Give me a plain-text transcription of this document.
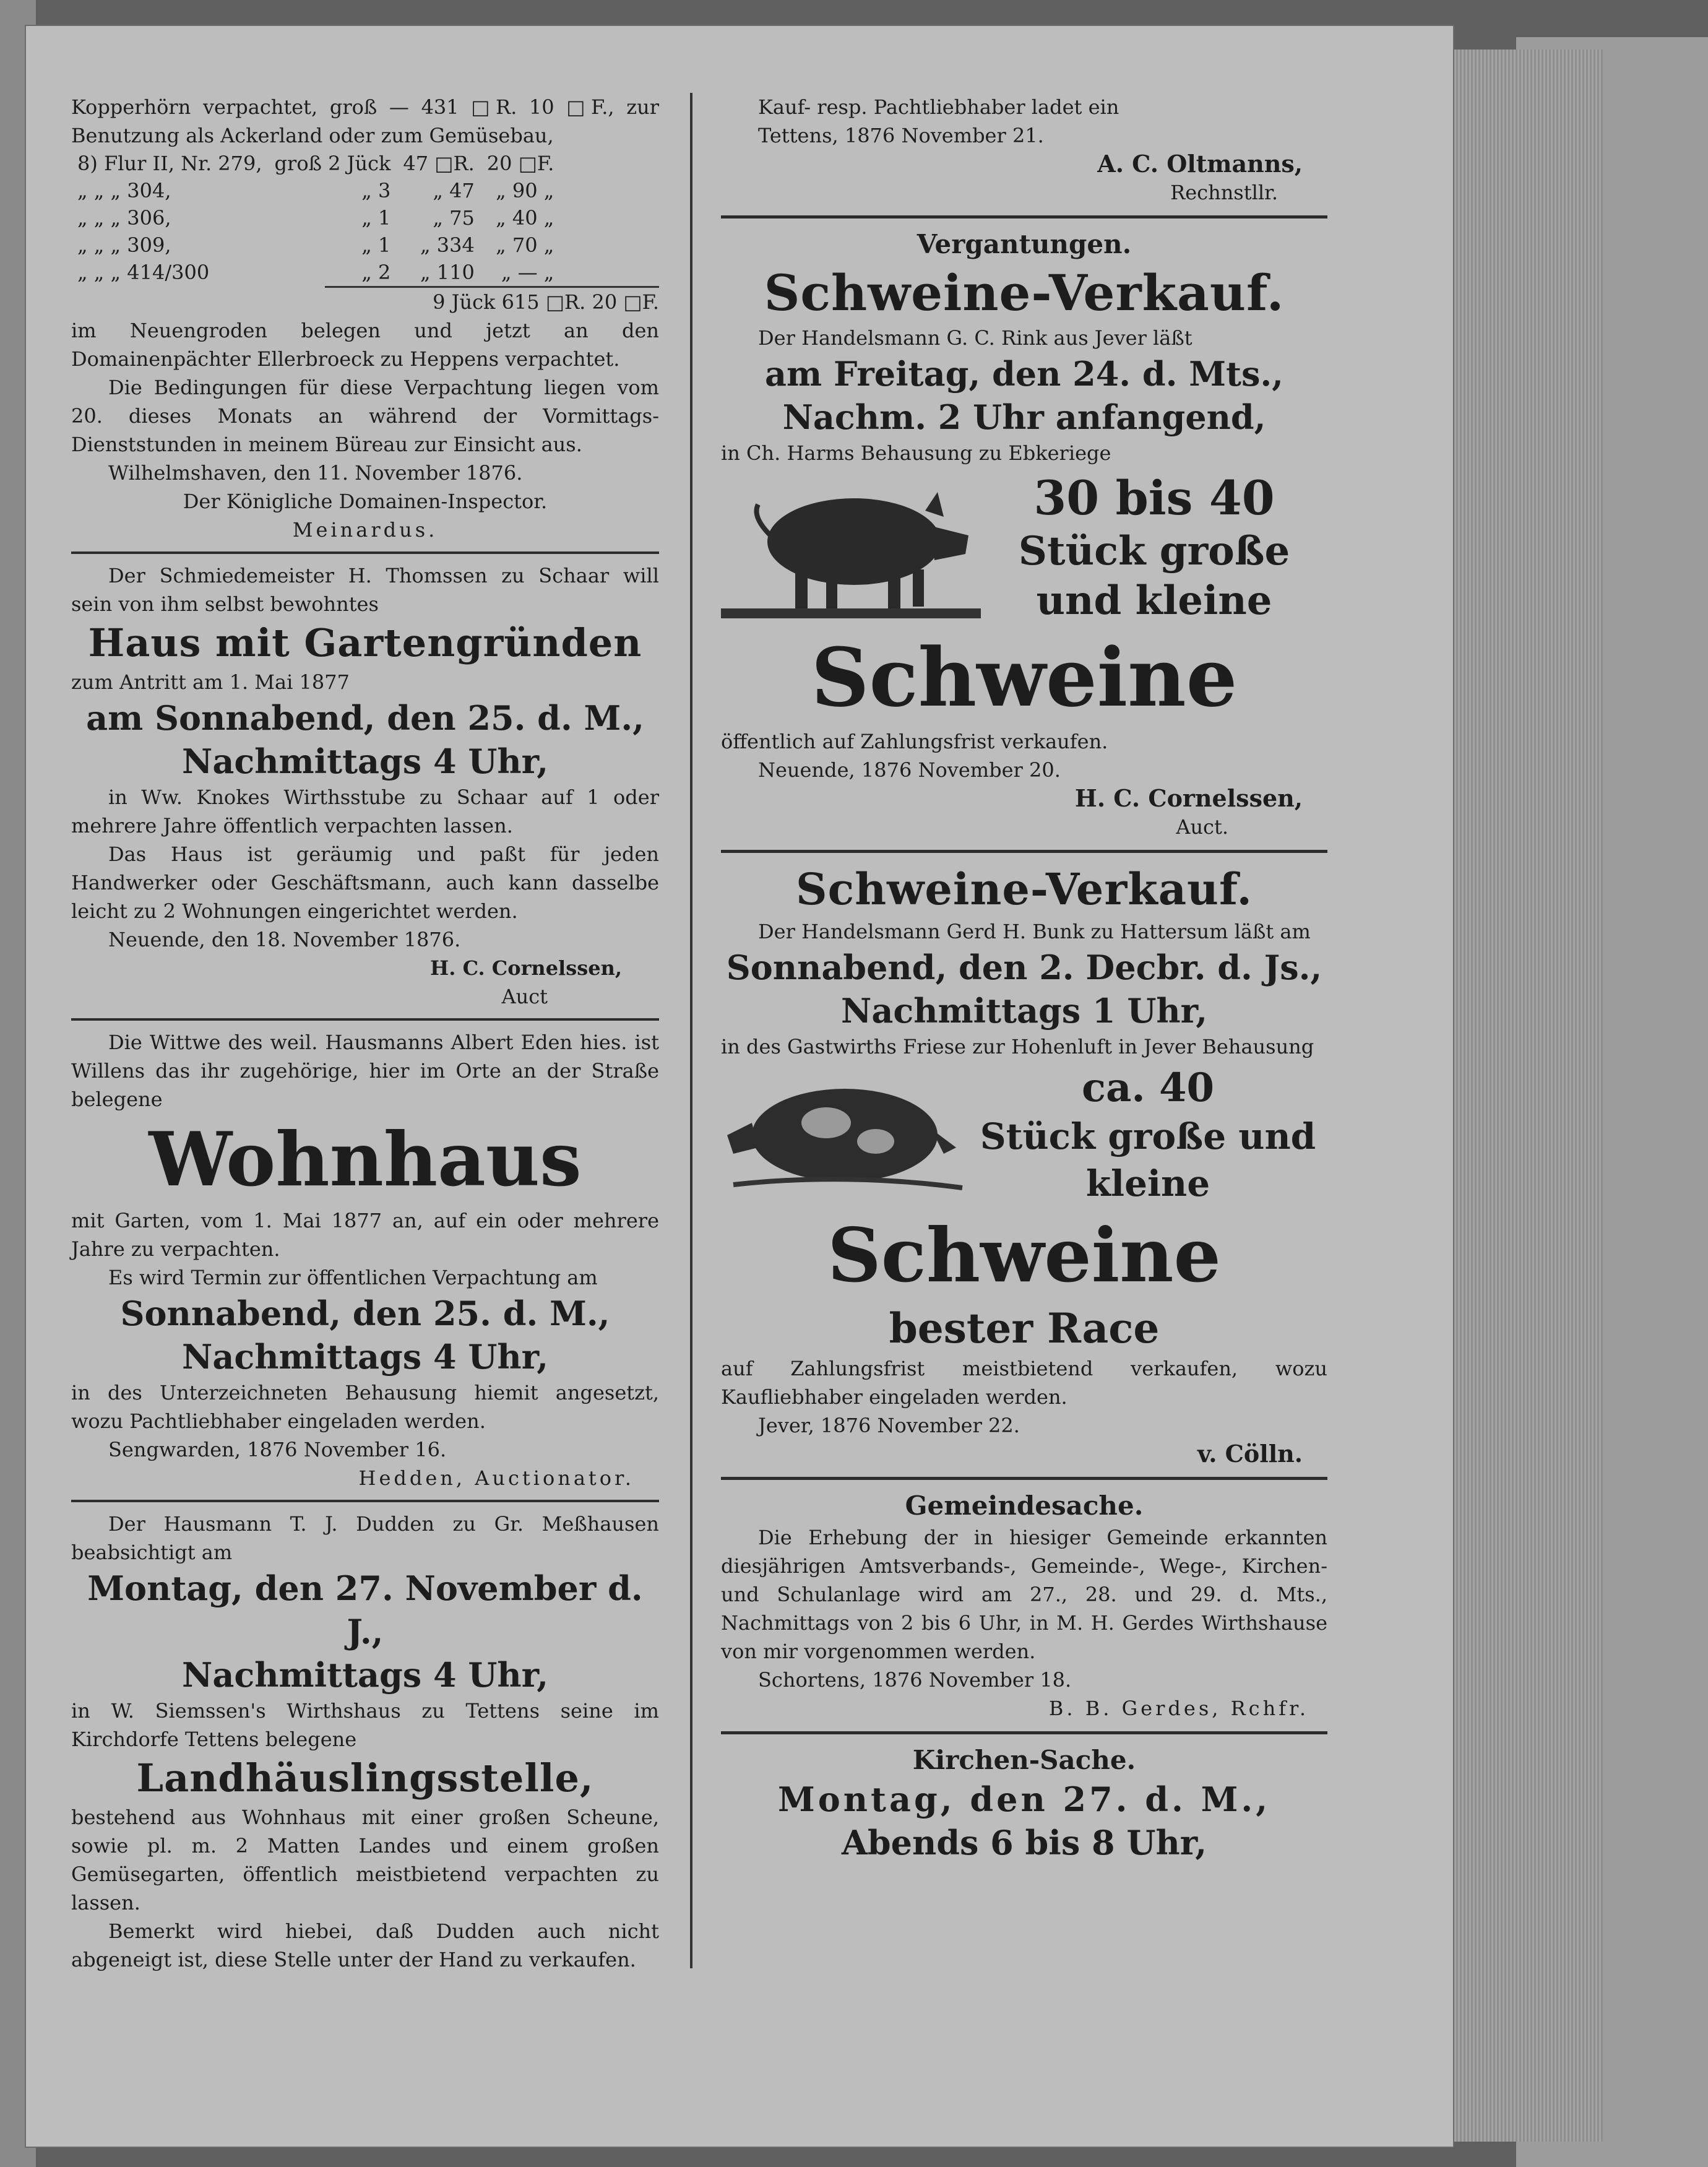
Kopperhörn verpachtet, groß — 431 □R. 10 □F., zur Benutzung als Ackerland oder zum Gemüsebau,

8) Flur II, Nr. 279,	groß 2 Jück	47 □R.	20 □F.
„ „ „ 304,	„ 3	„ 47	„ 90 „
„ „ „ 306,	„ 1	„ 75	„ 40 „
„ „ „ 309,	„ 1	„ 334	„ 70 „
„ „ „ 414/300	„ 2	„ 110	„ — „

9 Jück 615 □R. 20 □F.

im Neuengroden belegen und jetzt an den Domainenpächter Ellerbroeck zu Heppens verpachtet.

Die Bedingungen für diese Verpachtung liegen vom 20. dieses Monats an während der Vormittags-Dienststunden in meinem Büreau zur Einsicht aus.

Wilhelmshaven, den 11. November 1876.

Der Königliche Domainen-Inspector.

Meinardus.

Der Schmiedemeister H. Thomssen zu Schaar will sein von ihm selbst bewohntes

Haus mit Gartengründen

zum Antritt am 1. Mai 1877

am Sonnabend, den 25. d. M.,

Nachmittags 4 Uhr,

in Ww. Knokes Wirthsstube zu Schaar auf 1 oder mehrere Jahre öffentlich verpachten lassen.

Das Haus ist geräumig und paßt für jeden Handwerker oder Geschäftsmann, auch kann dasselbe leicht zu 2 Wohnungen eingerichtet werden.

Neuende, den 18. November 1876.

H. C. Cornelssen,

Auct

Die Wittwe des weil. Hausmanns Albert Eden hies. ist Willens das ihr zugehörige, hier im Orte an der Straße belegene

Wohnhaus

mit Garten, vom 1. Mai 1877 an, auf ein oder mehrere Jahre zu verpachten.

Es wird Termin zur öffentlichen Verpachtung am

Sonnabend, den 25. d. M.,

Nachmittags 4 Uhr,

in des Unterzeichneten Behausung hiemit angesetzt, wozu Pachtliebhaber eingeladen werden.

Sengwarden, 1876 November 16.

Hedden, Auctionator.

Der Hausmann T. J. Dudden zu Gr. Meßhausen beabsichtigt am

Montag, den 27. November d. J.,

Nachmittags 4 Uhr,

in W. Siemssen's Wirthshaus zu Tettens seine im Kirchdorfe Tettens belegene

Landhäuslingsstelle,

bestehend aus Wohnhaus mit einer großen Scheune, sowie pl. m. 2 Matten Landes und einem großen Gemüsegarten, öffentlich meistbietend verpachten zu lassen.

Bemerkt wird hiebei, daß Dudden auch nicht abgeneigt ist, diese Stelle unter der Hand zu verkaufen.

Kauf- resp. Pachtliebhaber ladet ein

Tettens, 1876 November 21.

A. C. Oltmanns,

Rechnstllr.

Vergantungen.

Schweine-Verkauf.

Der Handelsmann G. C. Rink aus Jever läßt

am Freitag, den 24. d. Mts.,

Nachm. 2 Uhr anfangend,

in Ch. Harms Behausung zu Ebkeriege

30 bis 40

Stück große

und kleine

Schweine

öffentlich auf Zahlungsfrist verkaufen.

Neuende, 1876 November 20.

H. C. Cornelssen,

Auct.

Schweine-Verkauf.

Der Handelsmann Gerd H. Bunk zu Hattersum läßt am

Sonnabend, den 2. Decbr. d. Js.,

Nachmittags 1 Uhr,

in des Gastwirths Friese zur Hohenluft in Jever Behausung

ca. 40

Stück große und

kleine

Schweine

bester Race

auf Zahlungsfrist meistbietend verkaufen, wozu Kaufliebhaber eingeladen werden.

Jever, 1876 November 22.

v. Cölln.

Gemeindesache.

Die Erhebung der in hiesiger Gemeinde erkannten diesjährigen Amtsverbands-, Gemeinde-, Wege-, Kirchen- und Schulanlage wird am 27., 28. und 29. d. Mts., Nachmittags von 2 bis 6 Uhr, in M. H. Gerdes Wirthshause von mir vorgenommen werden.

Schortens, 1876 November 18.

B. B. Gerdes, Rchfr.

Kirchen-Sache.

Montag, den 27. d. M.,

Abends 6 bis 8 Uhr,
